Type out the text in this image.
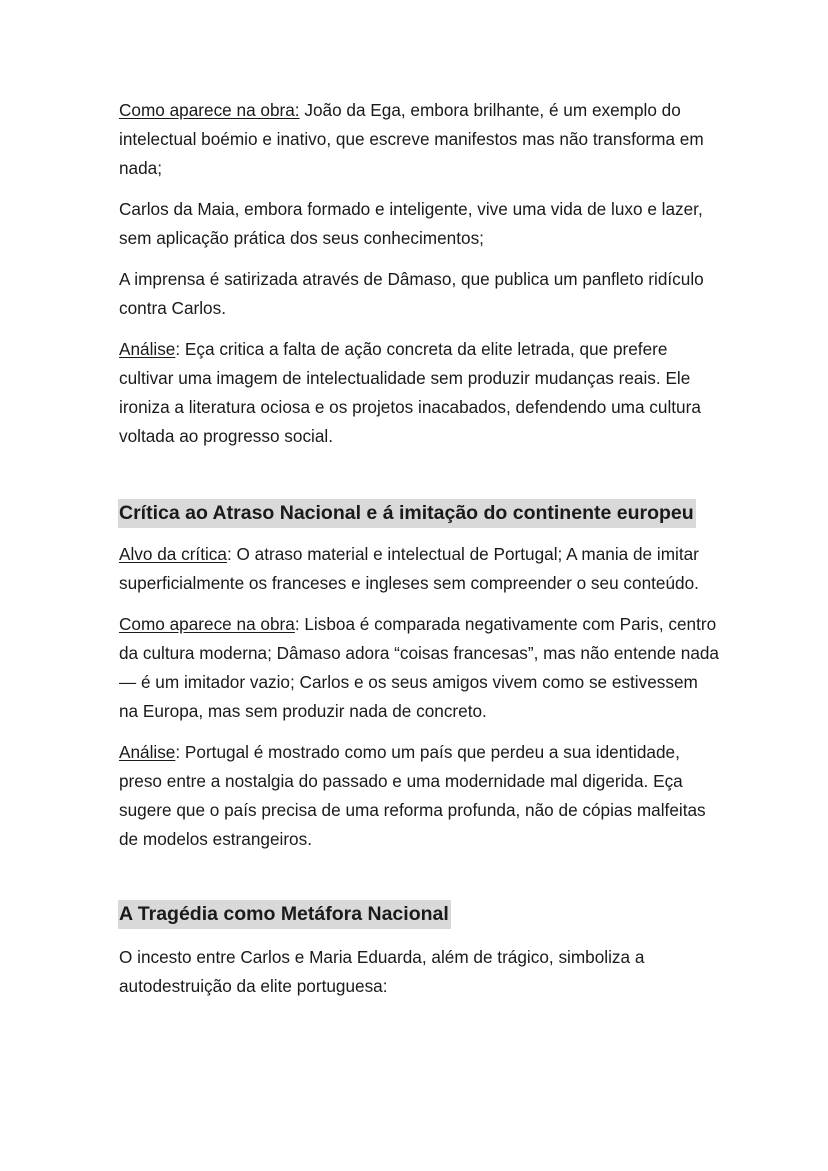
Como aparece na obra: João da Ega, embora brilhante, é um exemplo do intelectual boémio e inativo, que escreve manifestos mas não transforma em nada;

Carlos da Maia, embora formado e inteligente, vive uma vida de luxo e lazer, sem aplicação prática dos seus conhecimentos;

A imprensa é satirizada através de Dâmaso, que publica um panfleto ridículo contra Carlos.

Análise: Eça critica a falta de ação concreta da elite letrada, que prefere cultivar uma imagem de intelectualidade sem produzir mudanças reais. Ele ironiza a literatura ociosa e os projetos inacabados, defendendo uma cultura voltada ao progresso social.

Crítica ao Atraso Nacional e á imitação do continente europeu

Alvo da crítica: O atraso material e intelectual de Portugal; A mania de imitar superficialmente os franceses e ingleses sem compreender o seu conteúdo.

Como aparece na obra: Lisboa é comparada negativamente com Paris, centro da cultura moderna; Dâmaso adora “coisas francesas”, mas não entende nada — é um imitador vazio; Carlos e os seus amigos vivem como se estivessem na Europa, mas sem produzir nada de concreto.

Análise: Portugal é mostrado como um país que perdeu a sua identidade, preso entre a nostalgia do passado e uma modernidade mal digerida. Eça sugere que o país precisa de uma reforma profunda, não de cópias malfeitas de modelos estrangeiros.

A Tragédia como Metáfora Nacional

O incesto entre Carlos e Maria Eduarda, além de trágico, simboliza a autodestruição da elite portuguesa:
